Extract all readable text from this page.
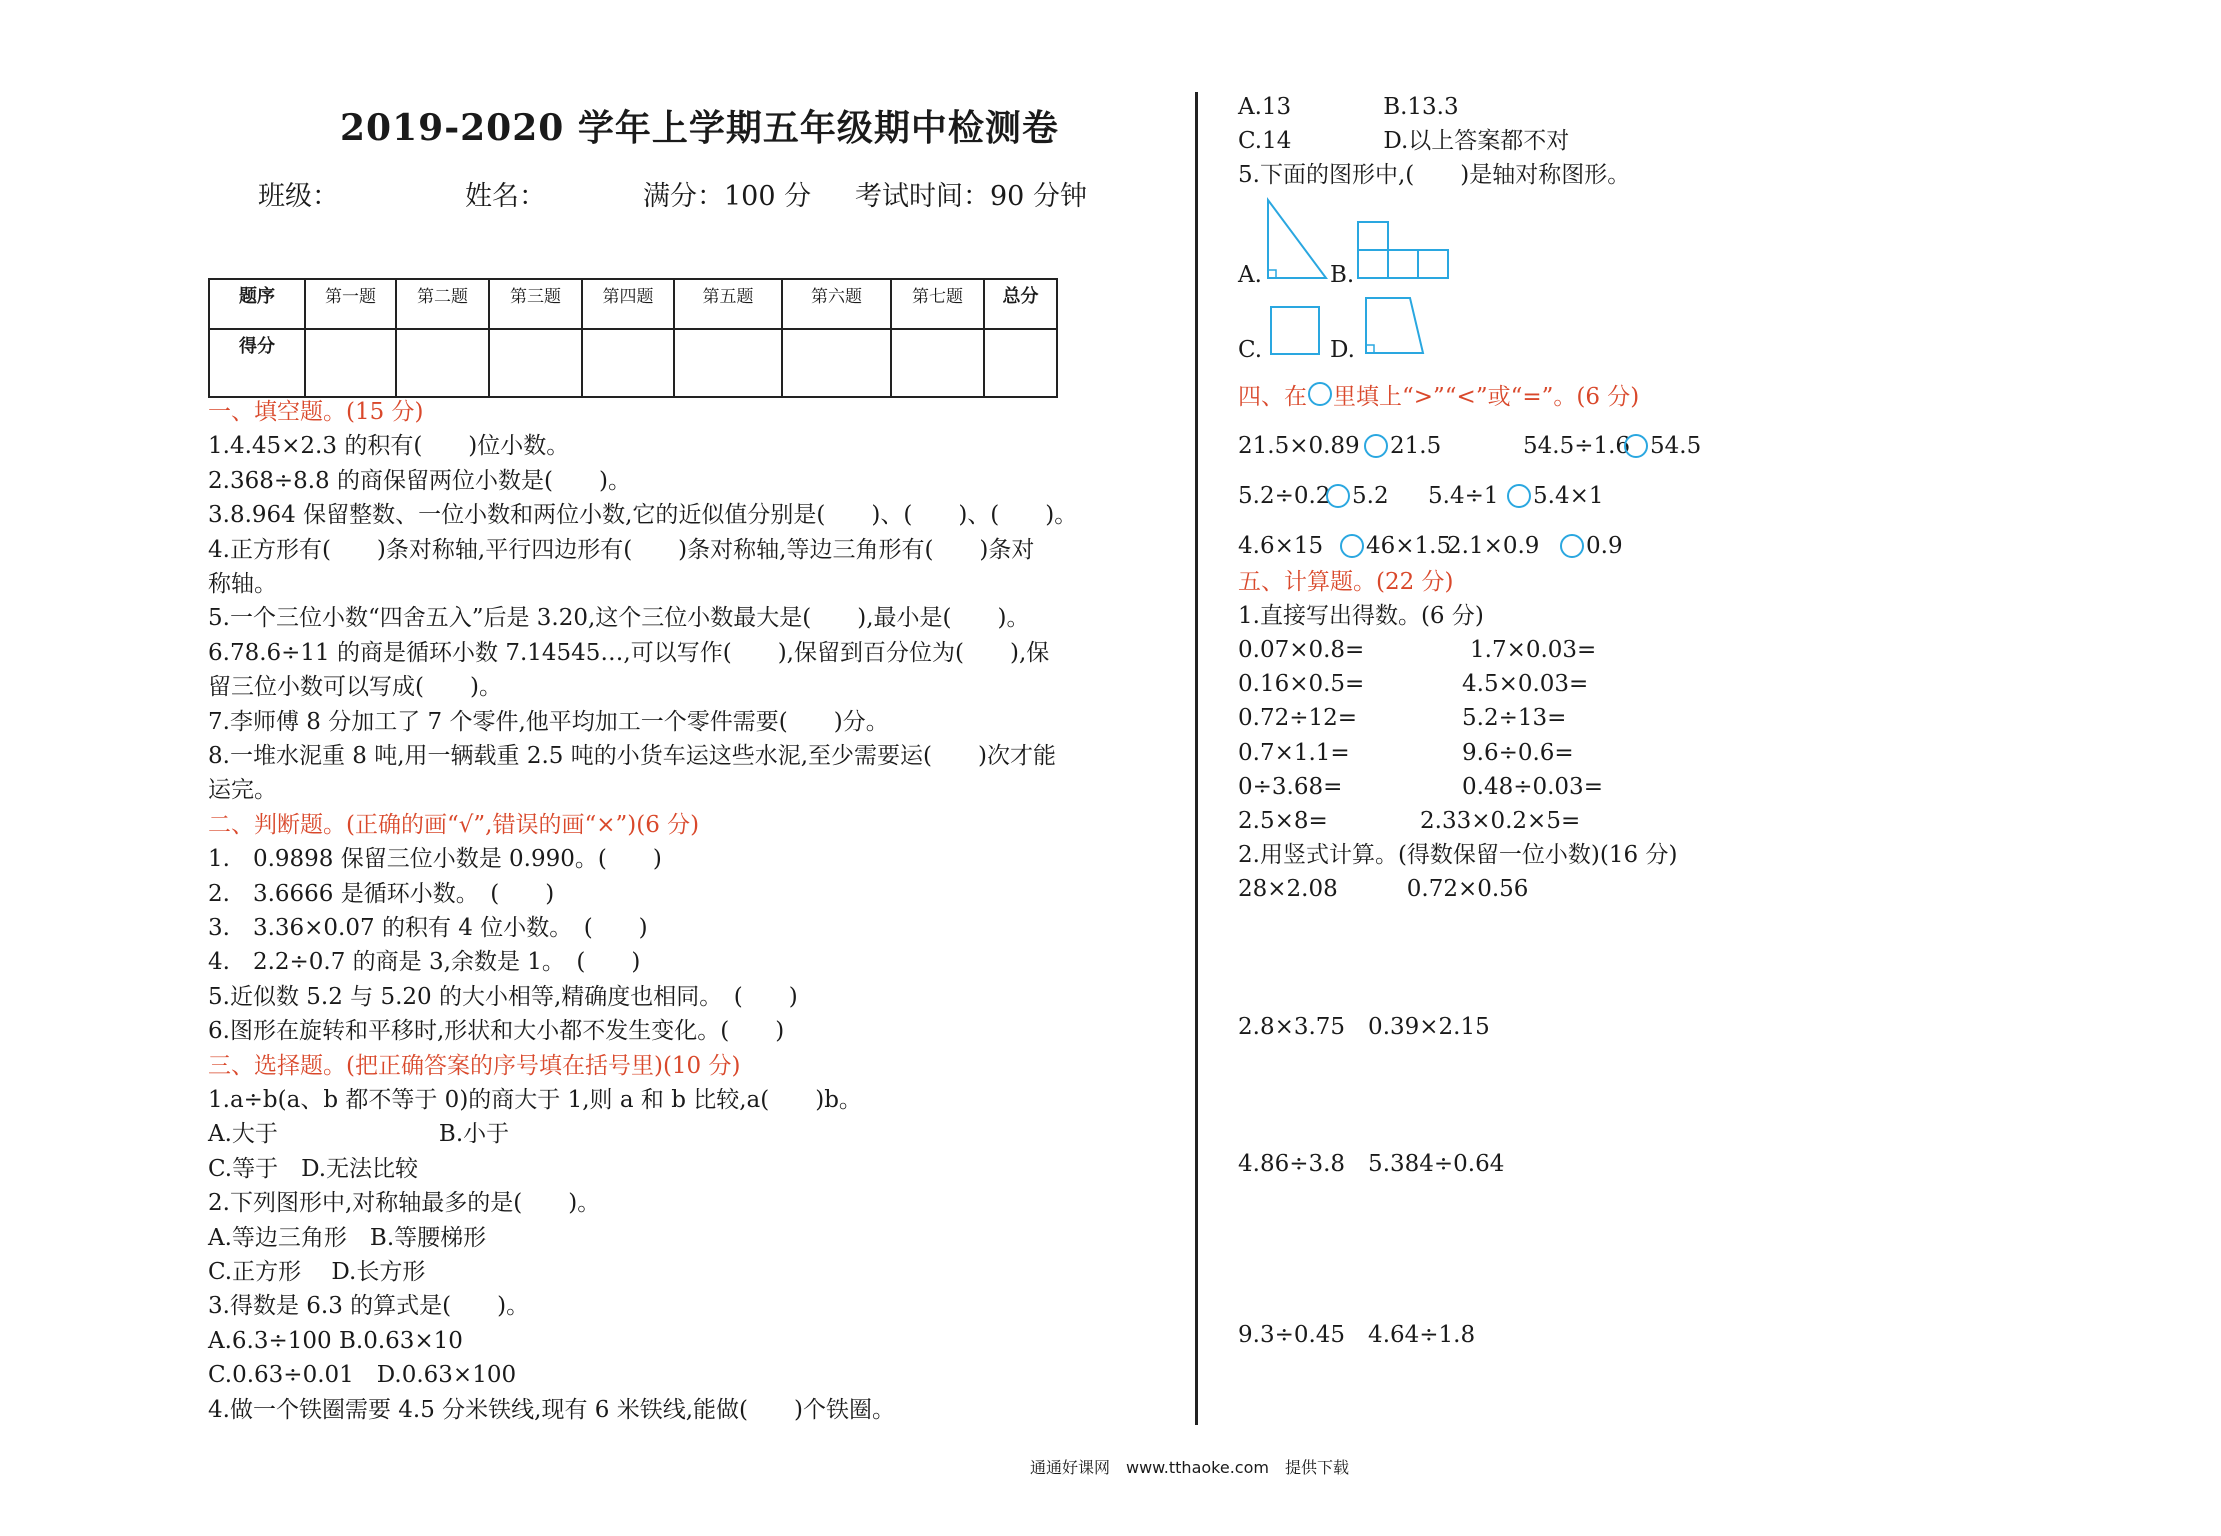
2019-2020 学年上学期五年级期中检测卷
班级：	姓名：	满分：100 分 考试时间：90 分钟
题序	第一题	第二题	第三题	第四题	第五题	第六题	第七题	总分
得分								
一、填空题。(15 分)
1.4.45×2.3 的积有(　　)位小数。
2.368÷8.8 的商保留两位小数是(　　)。
3.8.964 保留整数、一位小数和两位小数,它的近似值分别是(　　)、(　　)、(　　)。
4.正方形有(　　)条对称轴,平行四边形有(　　)条对称轴,等边三角形有(　　)条对
称轴。
5.一个三位小数“四舍五入”后是 3.20,这个三位小数最大是(　　),最小是(　　)。
6.78.6÷11 的商是循环小数 7.14545…,可以写作(　　),保留到百分位为(　　),保
留三位小数可以写成(　　)。
7.李师傅 8 分加工了 7 个零件,他平均加工一个零件需要(　　)分。
8.一堆水泥重 8 吨,用一辆载重 2.5 吨的小货车运这些水泥,至少需要运(　　)次才能
运完。
二、判断题。(正确的画“√”,错误的画“×”)(6 分)
1.　0.9898 保留三位小数是 0.990。(　　)
2.　3.6666 是循环小数。　(　　)
3.　3.36×0.07 的积有 4 位小数。　(　　)
4.　2.2÷0.7 的商是 3,余数是 1。　(　　)
5.近似数 5.2 与 5.20 的大小相等,精确度也相同。　(　　)
6.图形在旋转和平移时,形状和大小都不发生变化。(　　)
三、选择题。(把正确答案的序号填在括号里)(10 分)
1.a÷b(a、b 都不等于 0)的商大于 1,则 a 和 b 比较,a(　　)b。
A.大于　　　　　　　B.小于
C.等于　D.无法比较
2.下列图形中,对称轴最多的是(　　)。
A.等边三角形　B.等腰梯形
C.正方形　 D.长方形
3.得数是 6.3 的算式是(　　)。
A.6.3÷100 B.0.63×10
C.0.63÷0.01　D.0.63×100
4.做一个铁圈需要 4.5 分米铁线,现有 6 米铁线,能做(　　)个铁圈。
A.13　　　　B.13.3
C.14　　　　D.以上答案都不对
5.下面的图形中,(　　)是轴对称图形。
A.	B.
C.	D.
四、在 里填上“>”“<”或“=”。(6 分)
21.5×0.89 21.5	　54.5÷1.6 54.5
5.2÷0.2 5.2 5.4÷1 5.4×1
4.6×15 46×1.5
2.1×0.9 0.9
五、计算题。(22 分)
1.直接写出得数。(6 分)
0.07×0.8=	1.7×0.03=
0.16×0.5=	4.5×0.03=
0.72÷12=	5.2÷13=
0.7×1.1=	9.6÷0.6=
0÷3.68=	0.48÷0.03=
2.5×8=	2.33×0.2×5=
2.用竖式计算。(得数保留一位小数)(16 分)
28×2.08　　　0.72×0.56
2.8×3.75　0.39×2.15
4.86÷3.8　5.384÷0.64
9.3÷0.45　4.64÷1.8
通通好课网　www.tthaoke.com　提供下载
